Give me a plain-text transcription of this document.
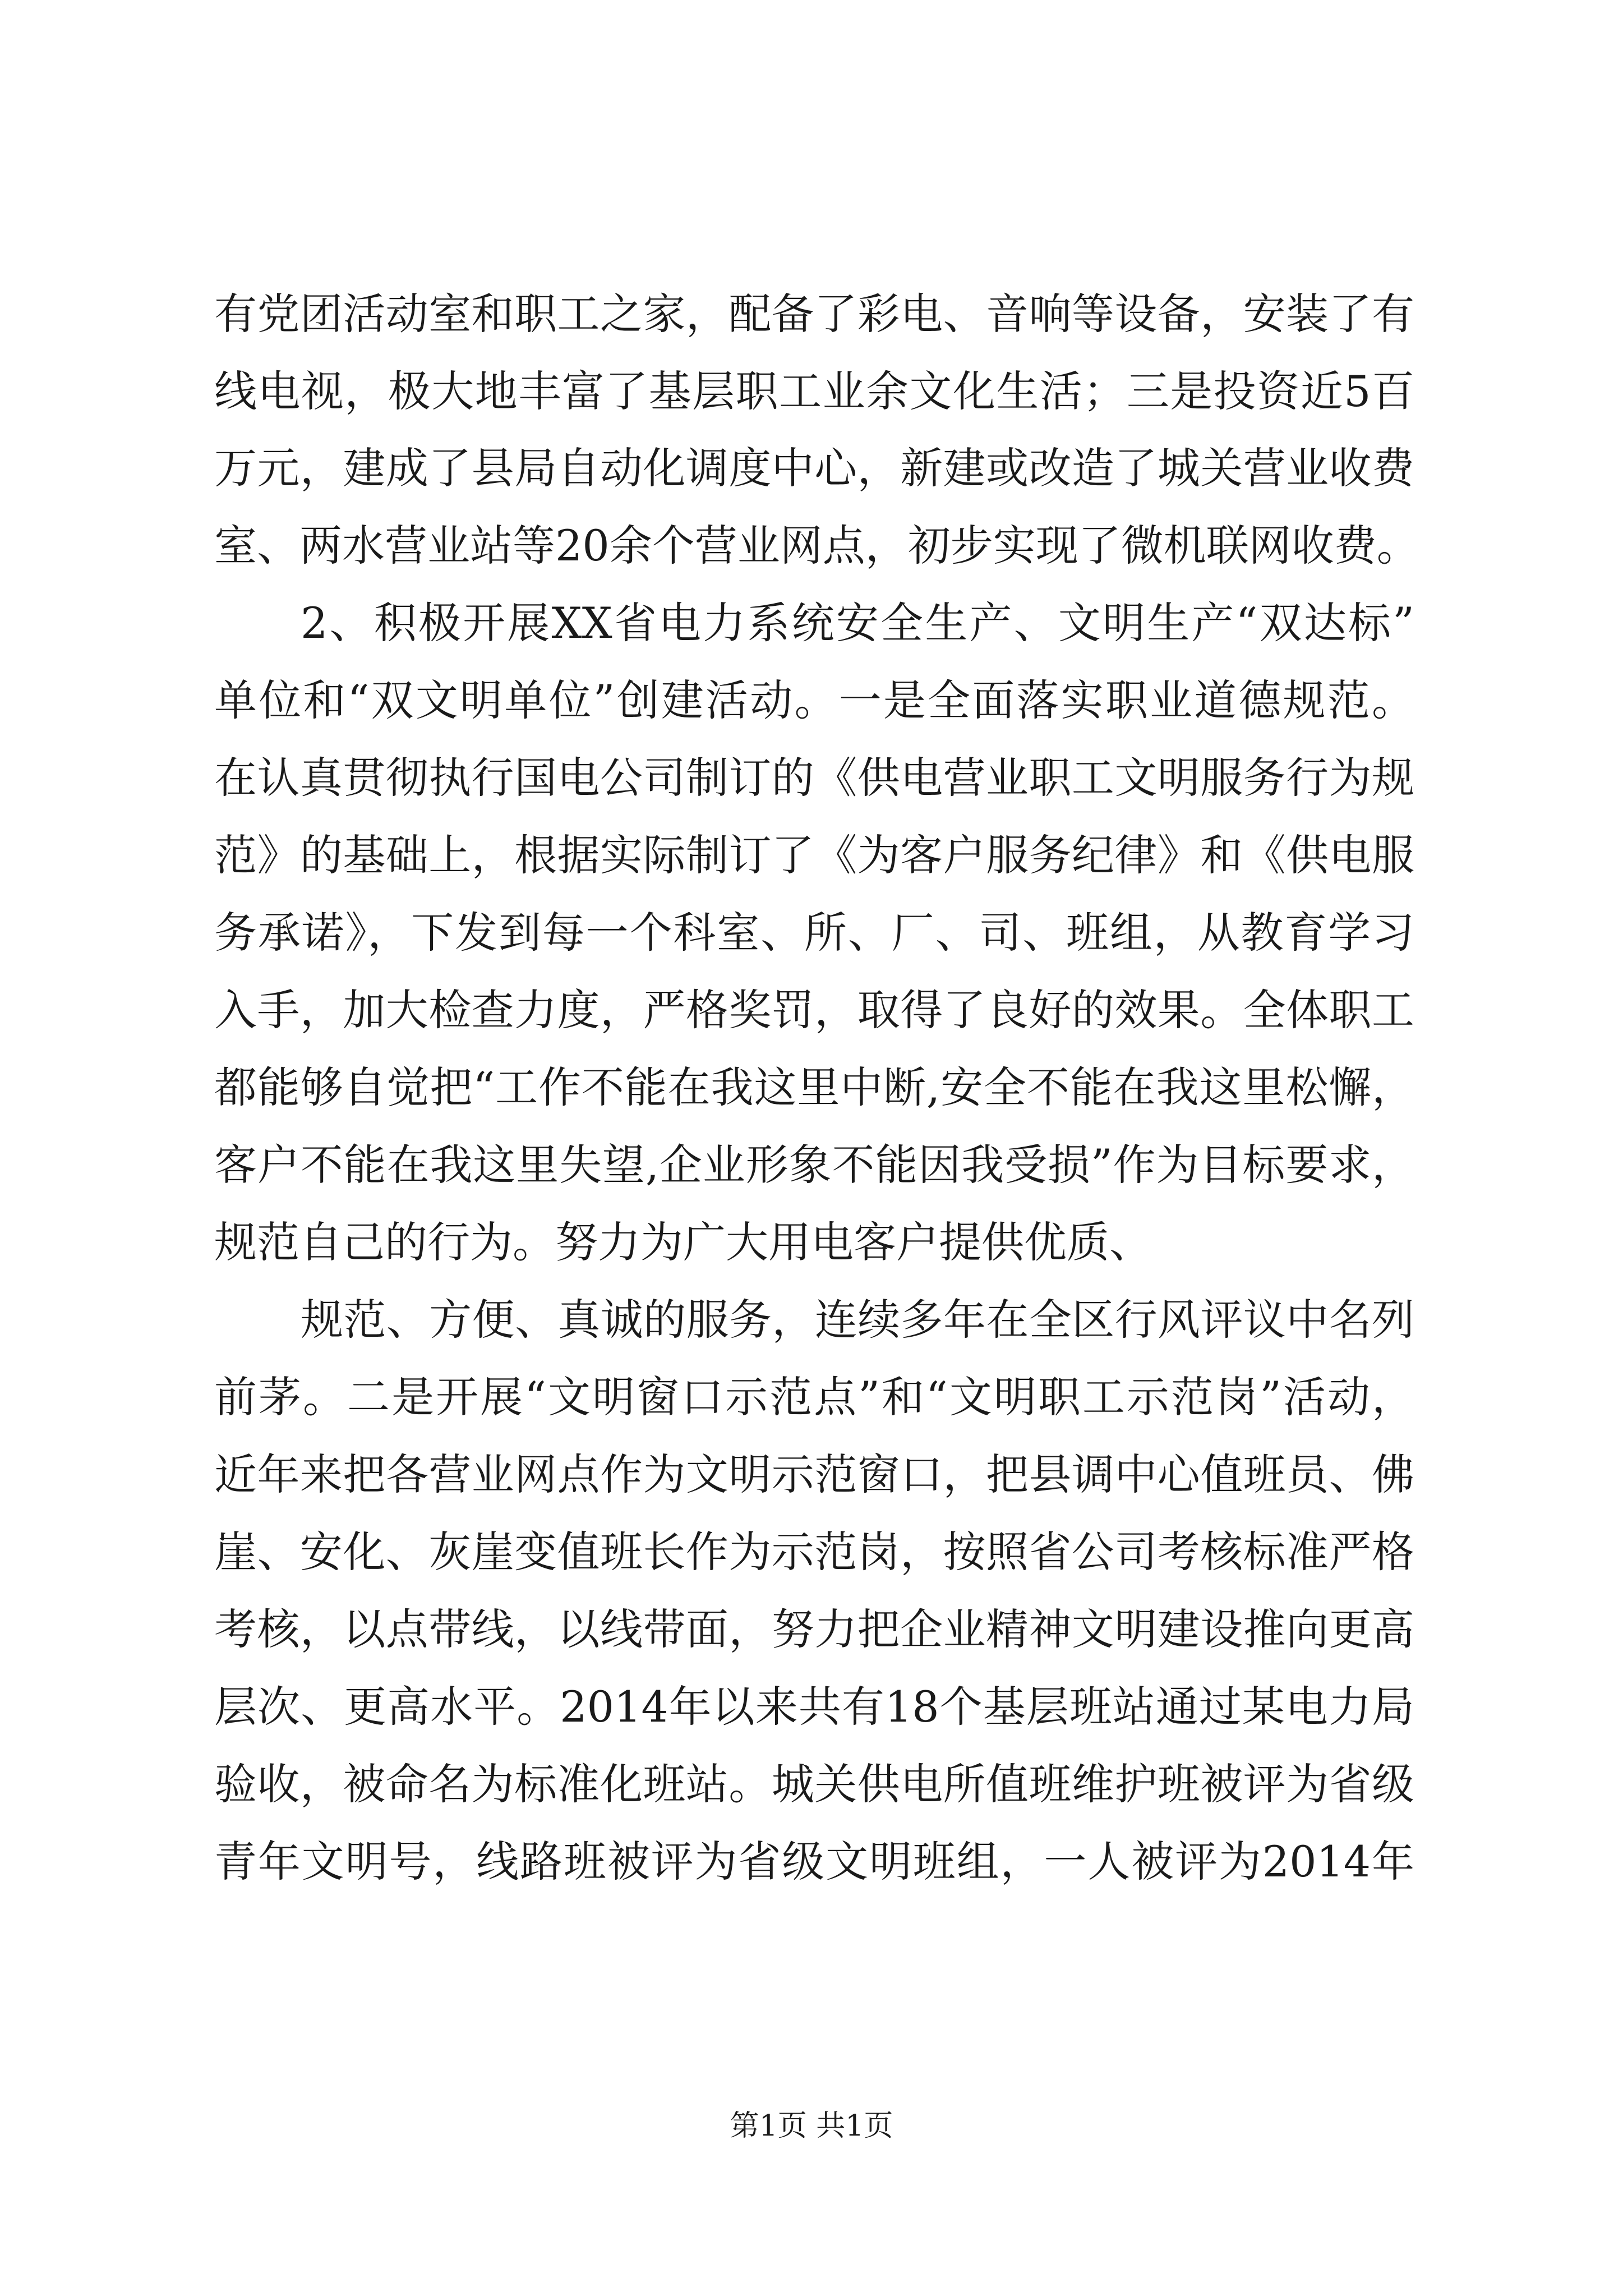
有党团活动室和职工之家，配备了彩电、音响等设备，安装了有
线电视，极大地丰富了基层职工业余文化生活；三是投资近5百
万元，建成了县局自动化调度中心，新建或改造了城关营业收费
室、两水营业站等20余个营业网点，初步实现了微机联网收费。
2、积极开展XX省电力系统安全生产、文明生产“双达标”
单位和“双文明单位”创建活动。一是全面落实职业道德规范。
在认真贯彻执行国电公司制订的《供电营业职工文明服务行为规
范》的基础上，根据实际制订了《为客户服务纪律》和《供电服
务承诺》，下发到每一个科室、所、厂、司、班组，从教育学习
入手，加大检查力度，严格奖罚，取得了良好的效果。全体职工
都能够自觉把“工作不能在我这里中断,安全不能在我这里松懈，
客户不能在我这里失望,企业形象不能因我受损”作为目标要求，
规范自己的行为。努力为广大用电客户提供优质、
规范、方便、真诚的服务，连续多年在全区行风评议中名列
前茅。二是开展“文明窗口示范点”和“文明职工示范岗”活动，
近年来把各营业网点作为文明示范窗口，把县调中心值班员、佛
崖、安化、灰崖变值班长作为示范岗，按照省公司考核标准严格
考核，以点带线，以线带面，努力把企业精神文明建设推向更高
层次、更高水平。2014年以来共有18个基层班站通过某电力局
验收，被命名为标准化班站。城关供电所值班维护班被评为省级
青年文明号，线路班被评为省级文明班组，一人被评为2014年
第1页 共1页
